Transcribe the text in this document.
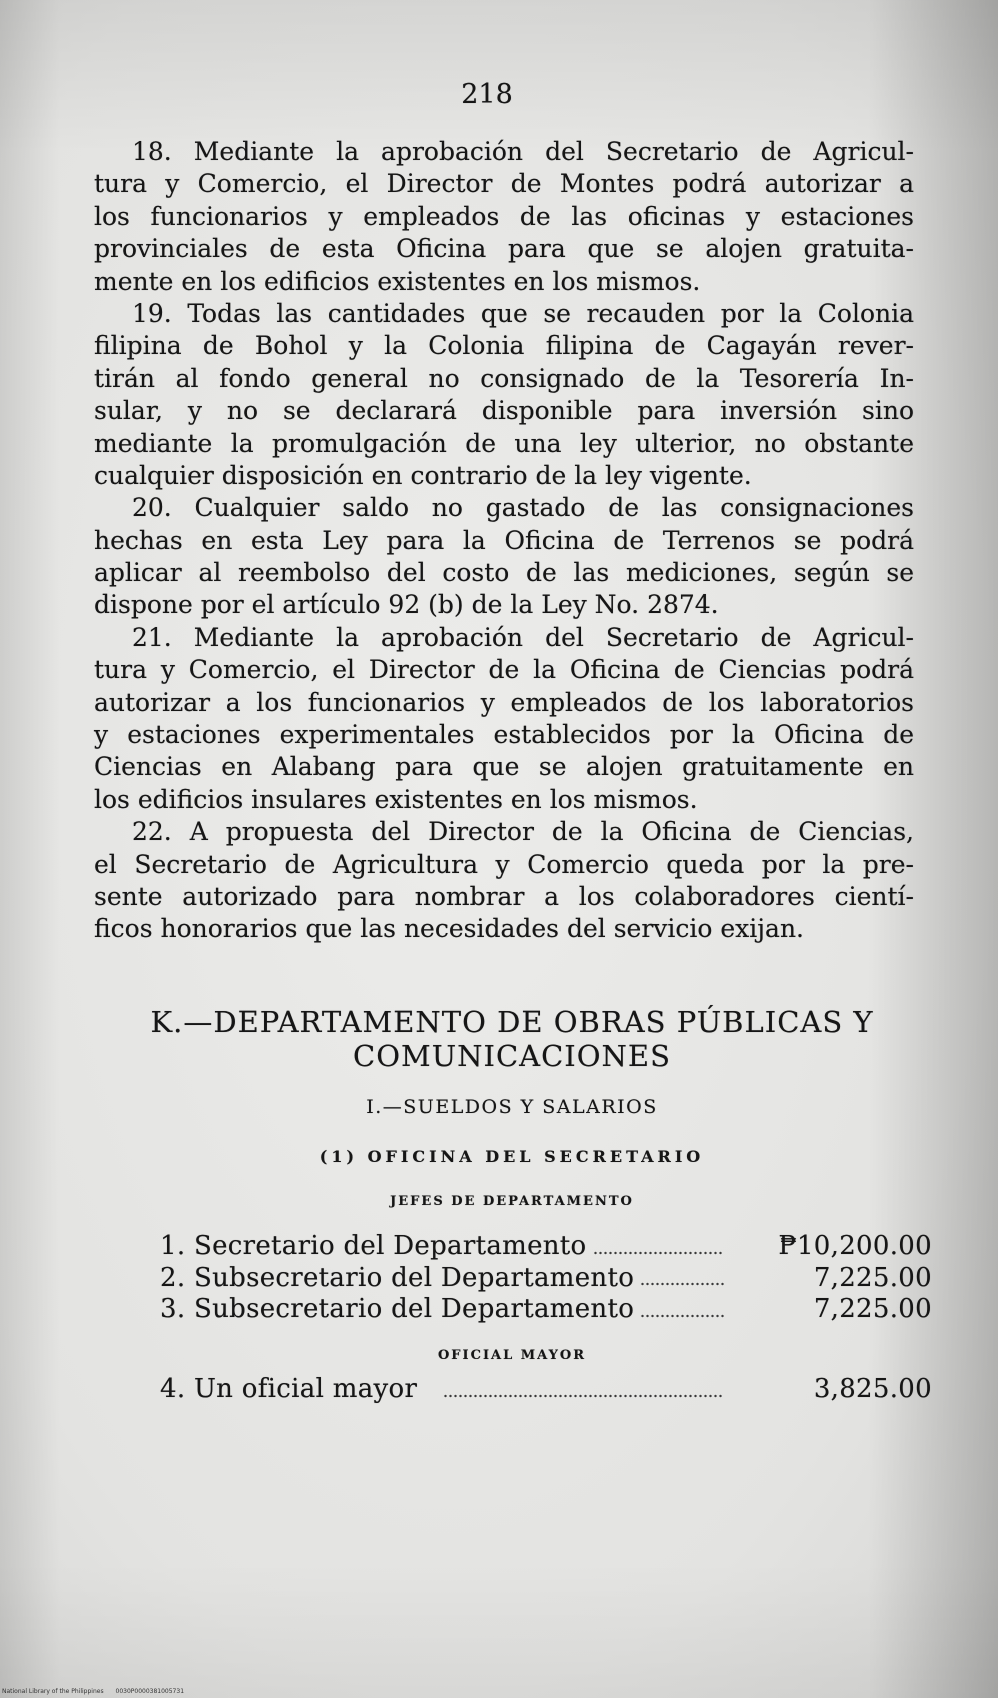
218
18. Mediante la aprobación del Secretario de Agricul-
tura y Comercio, el Director de Montes podrá autorizar a
los funcionarios y empleados de las oficinas y estaciones
provinciales de esta Oficina para que se alojen gratuita-
mente en los edificios existentes en los mismos.
19. Todas las cantidades que se recauden por la Colonia
filipina de Bohol y la Colonia filipina de Cagayán rever-
tirán al fondo general no consignado de la Tesorería In-
sular, y no se declarará disponible para inversión sino
mediante la promulgación de una ley ulterior, no obstante
cualquier disposición en contrario de la ley vigente.
20. Cualquier saldo no gastado de las consignaciones
hechas en esta Ley para la Oficina de Terrenos se podrá
aplicar al reembolso del costo de las mediciones, según se
dispone por el artículo 92 (b) de la Ley No. 2874.
21. Mediante la aprobación del Secretario de Agricul-
tura y Comercio, el Director de la Oficina de Ciencias podrá
autorizar a los funcionarios y empleados de los laboratorios
y estaciones experimentales establecidos por la Oficina de
Ciencias en Alabang para que se alojen gratuitamente en
los edificios insulares existentes en los mismos.
22. A propuesta del Director de la Oficina de Ciencias,
el Secretario de Agricultura y Comercio queda por la pre-
sente autorizado para nombrar a los colaboradores cientí-
ficos honorarios que las necesidades del servicio exijan.
K.—DEPARTAMENTO DE OBRAS PÚBLICAS Y
COMUNICACIONES
I.—SUELDOS Y SALARIOS
(1) OFICINA DEL SECRETARIO
JEFES DE DEPARTAMENTO
1. Secretario del Departamento	₱10,200.00
2. Subsecretario del Departamento	7,225.00
3. Subsecretario del Departamento	7,225.00
OFICIAL MAYOR
4. Un oficial mayor	3,825.00
National Library of the Philippines 0030P0000381005731
